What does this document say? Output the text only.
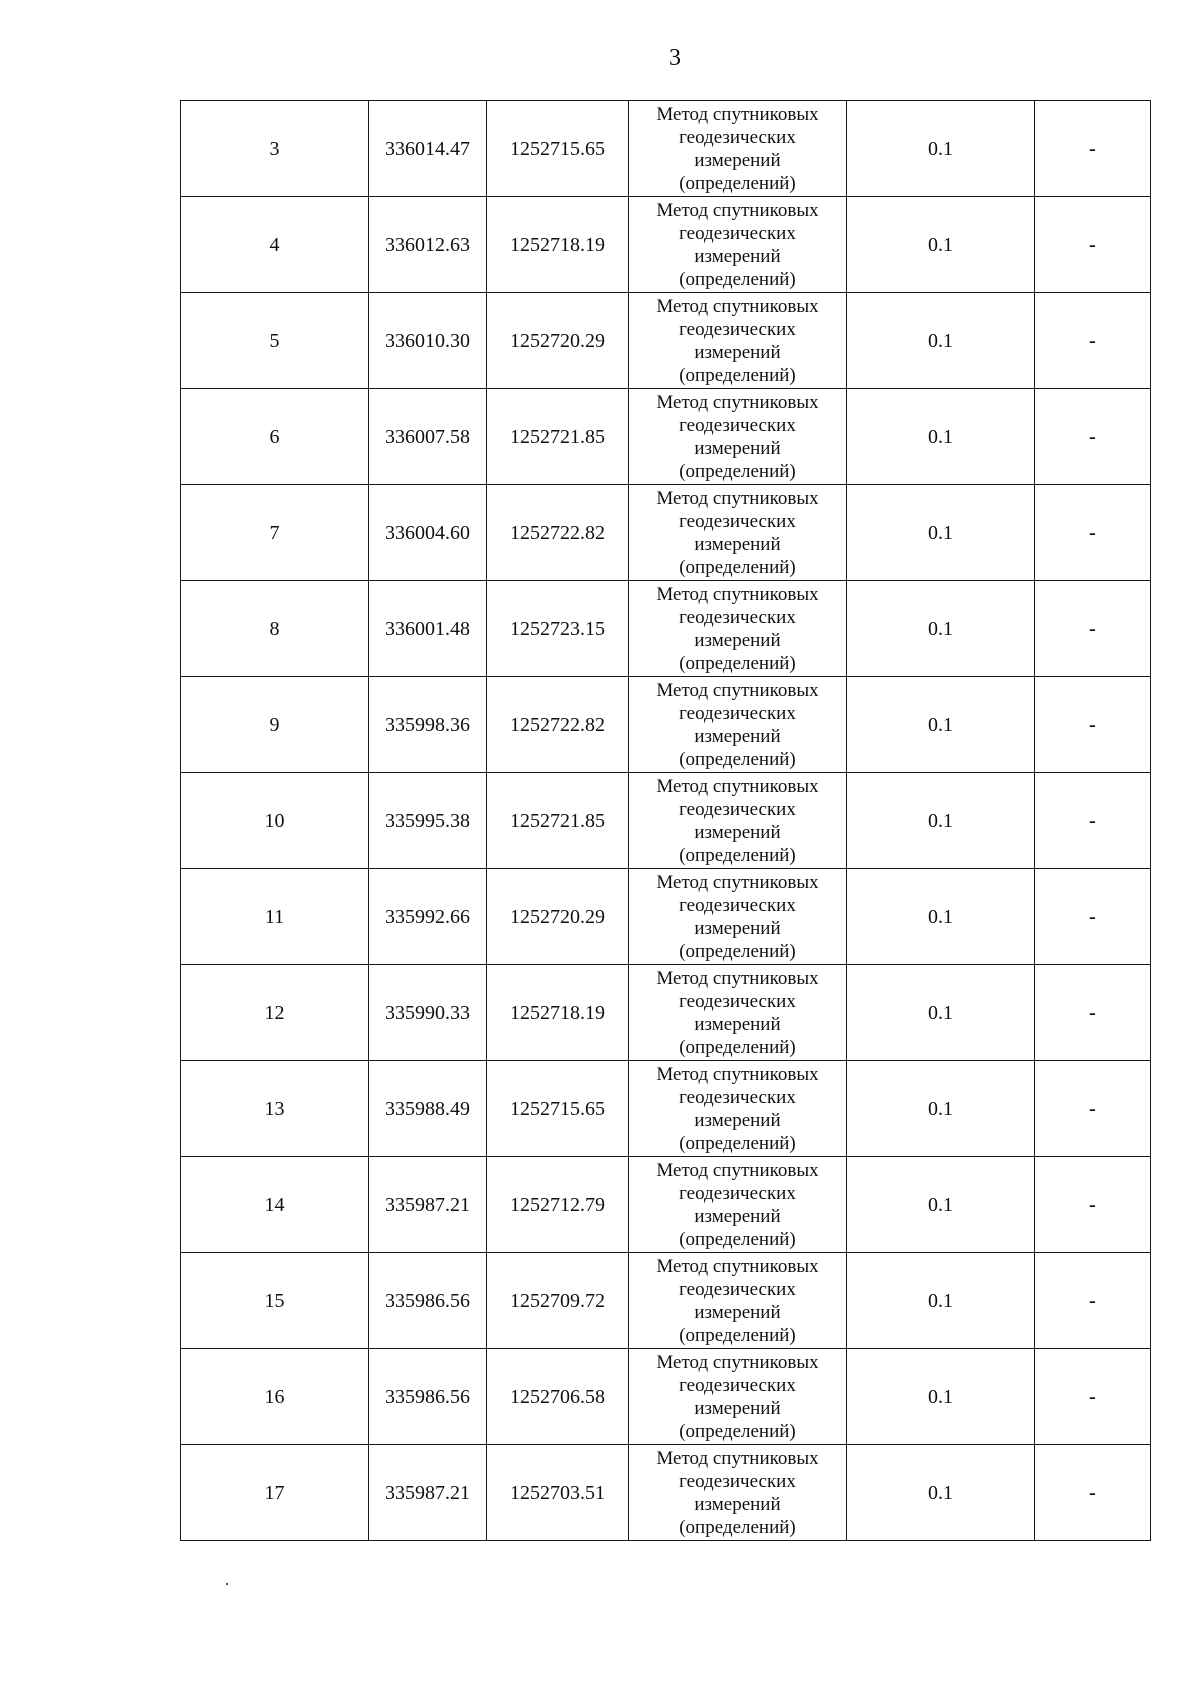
3
3	336014.47	1252715.65	Метод спутниковых
геодезических
измерений
(определений)	0.1	-
4	336012.63	1252718.19	Метод спутниковых
геодезических
измерений
(определений)	0.1	-
5	336010.30	1252720.29	Метод спутниковых
геодезических
измерений
(определений)	0.1	-
6	336007.58	1252721.85	Метод спутниковых
геодезических
измерений
(определений)	0.1	-
7	336004.60	1252722.82	Метод спутниковых
геодезических
измерений
(определений)	0.1	-
8	336001.48	1252723.15	Метод спутниковых
геодезических
измерений
(определений)	0.1	-
9	335998.36	1252722.82	Метод спутниковых
геодезических
измерений
(определений)	0.1	-
10	335995.38	1252721.85	Метод спутниковых
геодезических
измерений
(определений)	0.1	-
11	335992.66	1252720.29	Метод спутниковых
геодезических
измерений
(определений)	0.1	-
12	335990.33	1252718.19	Метод спутниковых
геодезических
измерений
(определений)	0.1	-
13	335988.49	1252715.65	Метод спутниковых
геодезических
измерений
(определений)	0.1	-
14	335987.21	1252712.79	Метод спутниковых
геодезических
измерений
(определений)	0.1	-
15	335986.56	1252709.72	Метод спутниковых
геодезических
измерений
(определений)	0.1	-
16	335986.56	1252706.58	Метод спутниковых
геодезических
измерений
(определений)	0.1	-
17	335987.21	1252703.51	Метод спутниковых
геодезических
измерений
(определений)	0.1	-
